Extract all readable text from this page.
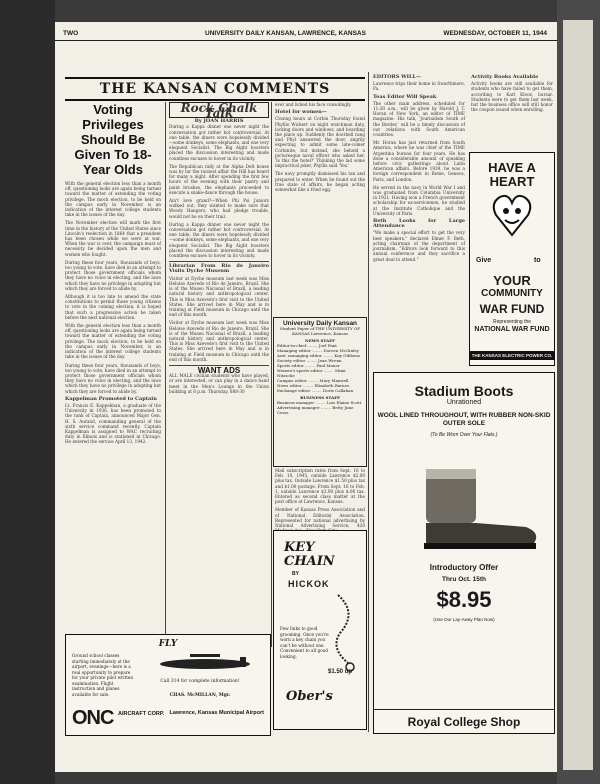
TWO	UNIVERSITY DAILY KANSAN, LAWRENCE, KANSAS	WEDNESDAY, OCTOBER 11, 1944
THE KANSAN COMMENTS
Voting Privileges Should Be Given To 18-Year Olds

With the general election less than a month off, questioning looks are again being turned toward the matter of extending the voting privilege. The mock election, to be held on the campus early in November, is an indication of the interest college students take in the issues of the day.

The November election will mark the first time in the history of the United States since Lincoln's reelection in 1864 that a president has been chosen while we were at war. When the war is over, the campaign must of necessity be decided upon the men and women who fought.

During these four years, thousands of boys, too young to vote, have died in an attempt to protect those government officials whom they have no voice in electing, and the laws which they have no privilege in adopting but which they are forced to abide by.

Although it is too late to amend the state constitutions to permit those young citizens to vote in the coming election, it is hoped that such a progressive action be taken before the next national election.

With the general election less than a month off, questioning looks are again being turned toward the matter of extending the voting privilege. The mock election, to be held on the campus early in November, is an indication of the interest college students take in the issues of the day.

During these four years, thousands of boys, too young to vote, have died in an attempt to protect those government officials whom they have no voice in electing, and the laws which they have no privilege in adopting but which they are forced to abide by.

Kappelman Promoted to Captain

Lt. Francis E. Kappelman, a graduate of the University in 1936, has been promoted to the rank of Captain, announced Major Gen. H. S. Aurand, commanding general of the sixth service command recently. Captain Kappelman is assigned to WAC recruiting duty in Illinois and is stationed in Chicago. He entered the service April 13, 1942.

Rock Chalk Talk
By JOAN HARRIS

During a Kappa dinner one never night the conversation got rather hot controversial. At one table, the diners were hopelessly divided—some donkeys, some elephants, and one very eloquent Socialist. The Big Aight boosters placed the discussion interesting and made countless excuses to hover in its vicinity.

The Republican rally at the Alpha Delt house was by far the raisiest affair the Hill has heard for many a night. After spending the first few hours of the evening with their pastry and paint brushes, the elephants proceeded to execute a snake-dance through the house.

Ain't love grand?—When Phi Psi Juniors walked out, they wanted to make sure that Woody Hangers, who had pledge trouble, would not be on their trail.

During a Kappa dinner one never night the conversation got rather hot controversial. At one table, the diners were hopelessly divided—some donkeys, some elephants, and one very eloquent Socialist. The Big Aight boosters placed the discussion interesting and made countless excuses to hover in its vicinity.

Librarian From Rio de Janeiro Visits Dyche Museum

Visitor at Dyche museum last week was Miss Heloise Azevedo of Rio de Janeiro, Brazil. She is of the Museu Nacional of Brazil, a leading natural history and anthropological center. This is Miss Azevedo's first visit to the United States. She arrived here in May and is in training at Field museum in Chicago until the end of this month.

Visitor at Dyche museum last week was Miss Heloise Azevedo of Rio de Janeiro, Brazil. She is of the Museu Nacional of Brazil, a leading natural history and anthropological center. This is Miss Azevedo's first visit to the United States. She arrived here in May and is in training at Field museum in Chicago until the end of this month.

WANT ADS

ALL MALE civilian students who have played, or are interested, or can play in a dance band meet in the Men's Lounge in the Union building at 8 p.m. Thursday. 888-30

ever and licked his face consolingly.

Hotel for women—

Closing hours at Corbin Thursday found Phyllis Wickert on night watchman duty, locking doors and windows, and boarding the place up. Suddenly the doorbell rang and Phyl answered the door, angrily expecting to admit some late-comer Corbinite, but instead, she beheld a picturesque naval officer who asked her, 'Is this the hotel?' Thinking the lad some impractical joker, Phyllis said 'Yes.'

The navy promptly dismissed his tan and prepared to enter. When he found out the true state of affairs, he began acting somewhat like a fried egg.

University Daily Kansan
Student Paper of THE UNIVERSITY OF KANSAS Lawrence, Kansas
NEWS STAFF
Editor-in-chief ........ Joel Fant
Managing editor ........ Doreen McGinley
Asst. managing editor ........ Kay Gibbons
Society editor ........ Jean Wrenn
Sports editor ........ Paul Mauer
Women's sports editor ........ Mimi Nitzsche
Campus editor ........ Mary Maxwell
News editor ........ Elizabeth Barnes
Exchange editor ........ Doris Callahan
BUSINESS STAFF
Business manager ........ Lois Elaine Scott
Advertising manager ........ Betty June Cross

Mail subscription rates from Sept. 16 to Feb. 10, 1945, outside Lawrence $2.00 plus tax. Outside Lawrence $1.50 plus tax and $1.00 postage. From Sept. 16 to Feb. 1, outside Lawrence $2.00 plus $.06 tax. Entered as second class matter at the post office at Lawrence, Kansas.

Member of Kansas Press Association and of National Editorial Association. Represented for national advertising by National Advertising Service, 420

KEY CHAIN
BY
HICKOK
Few links to good grooming. Once you're worn a key chain you can't be without one. Convenient to all good looking.
$1.50 up
Ober's
FLY
Ground school classes starting immediately at the airport, evenings—here is a real opportunity to prepare for your private pilot written examination. Flight instruction and planes available for sale.
Call 314 for complete information!
CHAS. McMILLAN, Mgr.
ONC AIRCRAFT CORP. Lawrence, Kansas Municipal Airport
EDITORS WILL—

Lawrence trips their home in Swarthmore, Pa.

Teas Editor Will Speak

The other main address, scheduled for 11:30 a.m., will be given by Harold J. T. Horan of New York, an editor of TIME magazine. His talk, 'Journalism South of the Border,' will be a timely discussion of our relations with South American countries.

Mr. Horan has just returned from South America, where he was chief of the TIME Argentina bureau for four years. He has done a considerable amount of speaking before civic gatherings about Latin American affairs. Before 1939, he was a foreign correspondent in Rome, Geneva, Paris, and London.

He served in the navy in World War I and was graduated from Columbia University in 1921. Having won a French government scholarship for ex-servicemen, he studied at the Institute Catholique and the University of Paris.

Beth Looks for Large Attendance

"We make a special effort to get the very best speakers," declared Elmer F. Beth, acting chairman of the department of journalism. "Editors look forward to this annual conference and they sacrifice a great deal to attend."

Activity Books Available

Activity books are still available for students who have failed to get them, according to Karl Klooz, bursar. Students were to get them last week, but the business office will still honor the coupon issued when enrolling.

HAVE A
HEART
Give	to
YOUR
COMMUNITY
WAR FUND
Representing the
NATIONAL WAR FUND
THE KANSAS ELECTRIC POWER CO.
Stadium Boots
Unrationed
WOOL LINED THROUGHOUT, WITH RUBBER NON-SKID OUTER SOLE
(To Be Worn Over Your Flats.)
Introductory Offer
Thru Oct. 15th
$8.95
(Use Our Lay-Away Plan Now)
Royal College Shop
